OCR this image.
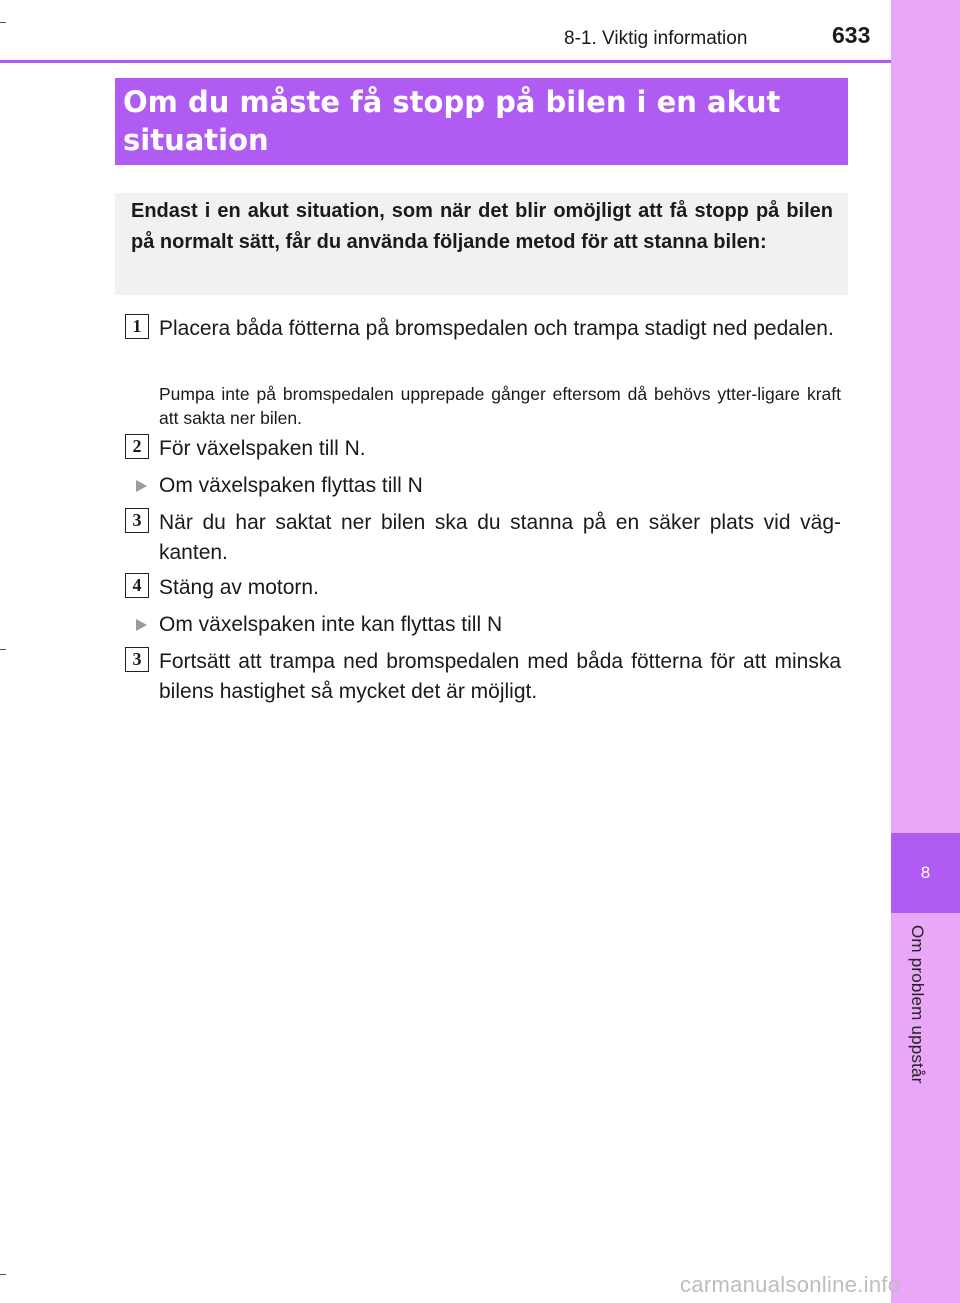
8
Om problem uppstår
8-1. Viktig information	633
Om du måste få stopp på bilen i en akut situation
Endast i en akut situation, som när det blir omöjligt att få stopp på bilen på normalt sätt, får du använda följande metod för att stanna bilen:
1 Placera båda fötterna på bromspedalen och trampa stadigt ned pedalen.
Pumpa inte på bromspedalen upprepade gånger eftersom då behövs ytter-ligare kraft att sakta ner bilen.
2 För växelspaken till N.
Om växelspaken flyttas till N
3 När du har saktat ner bilen ska du stanna på en säker plats vid väg-kanten.
4 Stäng av motorn.
Om växelspaken inte kan flyttas till N
3 Fortsätt att trampa ned bromspedalen med båda fötterna för att minska bilens hastighet så mycket det är möjligt.
carmanualsonline.info
